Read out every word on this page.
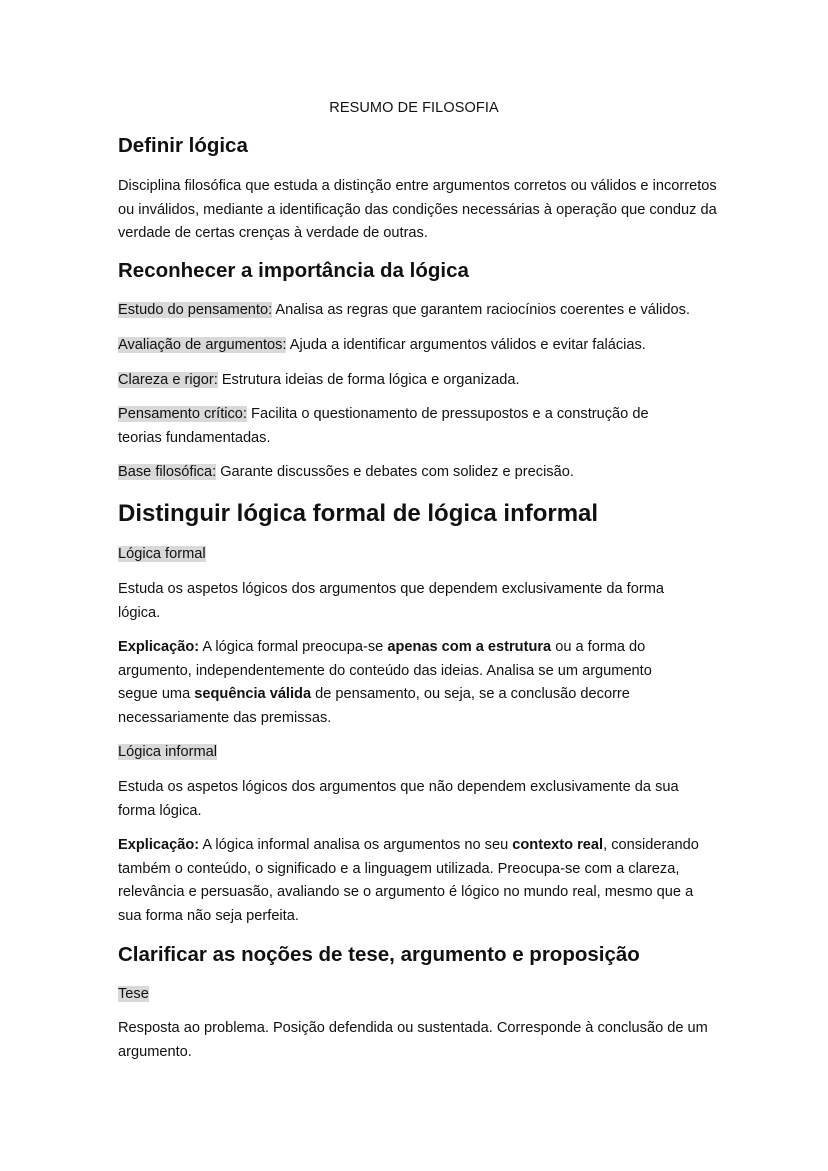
RESUMO DE FILOSOFIA
Definir lógica
Disciplina filosófica que estuda a distinção entre argumentos corretos ou válidos e incorretos ou inválidos, mediante a identificação das condições necessárias à operação que conduz da verdade de certas crenças à verdade de outras.
Reconhecer a importância da lógica
Estudo do pensamento: Analisa as regras que garantem raciocínios coerentes e válidos.
Avaliação de argumentos: Ajuda a identificar argumentos válidos e evitar falácias.
Clareza e rigor: Estrutura ideias de forma lógica e organizada.
Pensamento crítico: Facilita o questionamento de pressupostos e a construção de teorias fundamentadas.
Base filosófica: Garante discussões e debates com solidez e precisão.
Distinguir lógica formal de lógica informal
Lógica formal
Estuda os aspetos lógicos dos argumentos que dependem exclusivamente da forma lógica.
Explicação: A lógica formal preocupa-se apenas com a estrutura ou a forma do argumento, independentemente do conteúdo das ideias. Analisa se um argumento segue uma sequência válida de pensamento, ou seja, se a conclusão decorre necessariamente das premissas.
Lógica informal
Estuda os aspetos lógicos dos argumentos que não dependem exclusivamente da sua forma lógica.
Explicação: A lógica informal analisa os argumentos no seu contexto real, considerando também o conteúdo, o significado e a linguagem utilizada. Preocupa-se com a clareza, relevância e persuasão, avaliando se o argumento é lógico no mundo real, mesmo que a sua forma não seja perfeita.
Clarificar as noções de tese, argumento e proposição
Tese
Resposta ao problema. Posição defendida ou sustentada. Corresponde à conclusão de um argumento.
